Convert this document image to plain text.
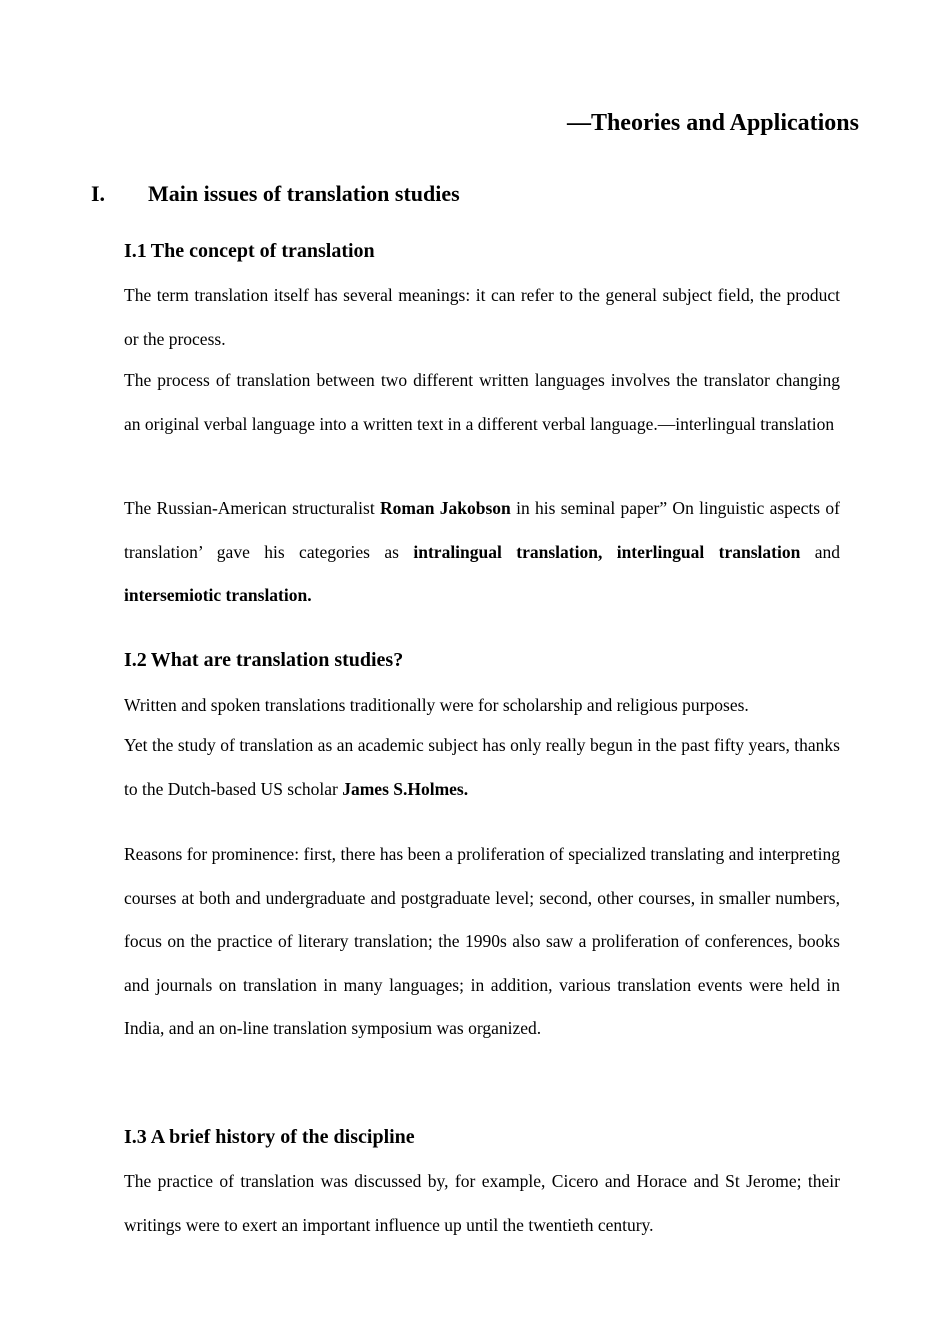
—Theories and Applications
I. Main issues of translation studies
I.1 The concept of translation

The term translation itself has several meanings: it can refer to the general subject field, the product or the process.

The process of translation between two different written languages involves the translator changing an original verbal language into a written text in a different verbal language.—interlingual translation

The Russian-American structuralist Roman Jakobson in his seminal paper” On linguistic aspects of translation’ gave his categories as intralingual translation, interlingual translation and intersemiotic translation.

I.2 What are translation studies?

Written and spoken translations traditionally were for scholarship and religious purposes.

Yet the study of translation as an academic subject has only really begun in the past fifty years, thanks to the Dutch-based US scholar James S.Holmes.

Reasons for prominence: first, there has been a proliferation of specialized translating and interpreting courses at both and undergraduate and postgraduate level; second, other courses, in smaller numbers, focus on the practice of literary translation; the 1990s also saw a proliferation of conferences, books and journals on translation in many languages; in addition, various translation events were held in India, and an on-line translation symposium was organized.

I.3 A brief history of the discipline

The practice of translation was discussed by, for example, Cicero and Horace and St Jerome; their writings were to exert an important influence up until the twentieth century.
